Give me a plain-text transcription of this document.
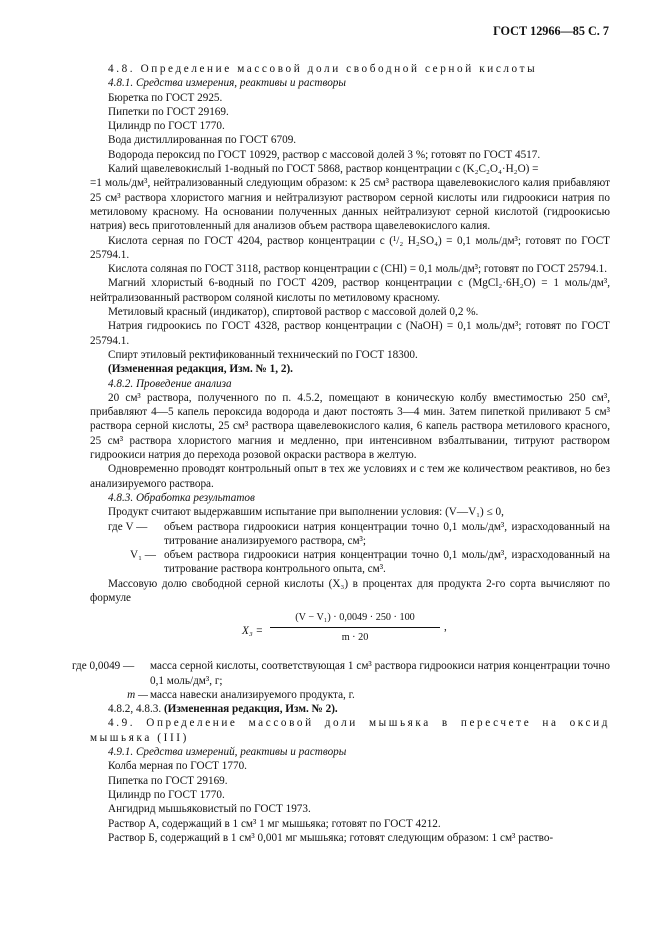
ГОСТ 12966—85 С. 7

4.8. Определение массовой доли свободной серной кислоты

4.8.1. Средства измерения, реактивы и растворы

Бюретка по ГОСТ 2925.

Пипетки по ГОСТ 29169.

Цилиндр по ГОСТ 1770.

Вода дистиллированная по ГОСТ 6709.

Водорода пероксид по ГОСТ 10929, раствор с массовой долей 3 %; готовят по ГОСТ 4517.

Калий щавелевокислый 1-водный по ГОСТ 5868, раствор концентрации c (K₂C₂O₄·H₂O) =

=1 моль/дм³, нейтрализованный следующим образом: к 25 см³ раствора щавелевокислого калия прибавляют 25 см³ раствора хлористого магния и нейтрализуют раствором серной кислоты или гидроокиси натрия по метиловому красному. На основании полученных данных нейтрализуют серной кислотой (гидроокисью натрия) весь приготовленный для анализов объем раствора щавелевокислого калия.

Кислота серная по ГОСТ 4204, раствор концентрации c (¹/₂ H₂SO₄) = 0,1 моль/дм³; готовят по ГОСТ 25794.1.

Кислота соляная по ГОСТ 3118, раствор концентрации c (CHl) = 0,1 моль/дм³; готовят по ГОСТ 25794.1.

Магний хлористый 6-водный по ГОСТ 4209, раствор концентрации c (MgCl₂·6H₂O) = 1 моль/дм³, нейтрализованный раствором соляной кислоты по метиловому красному.

Метиловый красный (индикатор), спиртовой раствор с массовой долей 0,2 %.

Натрия гидроокись по ГОСТ 4328, раствор концентрации c (NaOH) = 0,1 моль/дм³; готовят по ГОСТ 25794.1.

Спирт этиловый ректификованный технический по ГОСТ 18300.

(Измененная редакция, Изм. № 1, 2).

4.8.2. Проведение анализа

20 см³ раствора, полученного по п. 4.5.2, помещают в коническую колбу вместимостью 250 см³, прибавляют 4—5 капель пероксида водорода и дают постоять 3—4 мин. Затем пипеткой приливают 5 см³ раствора серной кислоты, 25 см³ раствора щавелевокислого калия, 6 капель раствора метилового красного, 25 см³ раствора хлористого магния и медленно, при интенсивном взбалтывании, титруют раствором гидроокиси натрия до перехода розовой окраски раствора в желтую.

Одновременно проводят контрольный опыт в тех же условиях и с тем же количеством реактивов, но без анализируемого раствора.

4.8.3. Обработка результатов

Продукт считают выдержавшим испытание при выполнении условия: (V—V₁) ≤ 0,

где V —	объем раствора гидроокиси натрия концентрации точно 0,1 моль/дм³, израсходованный на титрование анализируемого раствора, см³;

V₁ — объем раствора гидроокиси натрия концентрации точно 0,1 моль/дм³, израсходованный на титрование раствора контрольного опыта, см³.

Массовую долю свободной серной кислоты (X₃) в процентах для продукта 2-го сорта вычисляют по формуле

X₃ =
(V − V₁) · 0,0049 · 250 · 100
m · 20
,

где 0,0049 —	масса серной кислоты, соответствующая 1 см³ раствора гидроокиси натрия концентрации точно 0,1 моль/дм³, г;

m — масса навески анализируемого продукта, г.

4.8.2, 4.8.3. (Измененная редакция, Изм. № 2).

4.9. Определение массовой доли мышьяка в пересчете на оксид мышьяка (III)

4.9.1. Средства измерений, реактивы и растворы

Колба мерная по ГОСТ 1770.

Пипетка по ГОСТ 29169.

Цилиндр по ГОСТ 1770.

Ангидрид мышьяковистый по ГОСТ 1973.

Раствор А, содержащий в 1 см³ 1 мг мышьяка; готовят по ГОСТ 4212.

Раствор Б, содержащий в 1 см³ 0,001 мг мышьяка; готовят следующим образом: 1 см³ раство-
